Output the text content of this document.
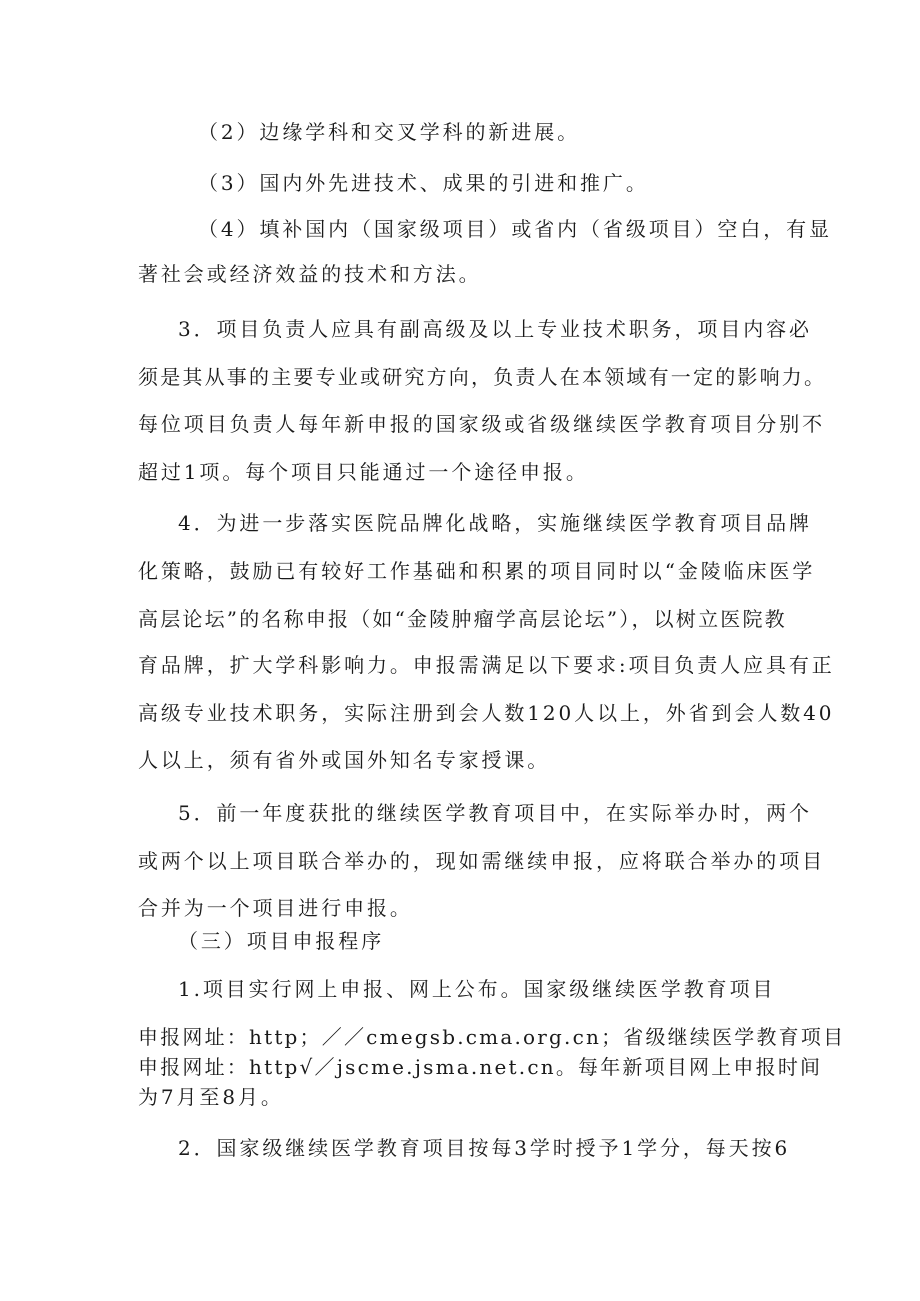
（2）边缘学科和交叉学科的新进展。
（3）国内外先进技术、成果的引进和推广。
（4）填补国内（国家级项目）或省内（省级项目）空白，有显
著社会或经济效益的技术和方法。
3．项目负责人应具有副高级及以上专业技术职务，项目内容必
须是其从事的主要专业或研究方向，负责人在本领域有一定的影响力。
每位项目负责人每年新申报的国家级或省级继续医学教育项目分别不
超过1项。每个项目只能通过一个途径申报。
4．为进一步落实医院品牌化战略，实施继续医学教育项目品牌
化策略，鼓励已有较好工作基础和积累的项目同时以“金陵临床医学
高层论坛”的名称申报（如“金陵肿瘤学高层论坛”），以树立医院教
育品牌，扩大学科影响力。申报需满足以下要求:项目负责人应具有正
高级专业技术职务，实际注册到会人数120人以上，外省到会人数40
人以上，须有省外或国外知名专家授课。
5．前一年度获批的继续医学教育项目中，在实际举办时，两个
或两个以上项目联合举办的，现如需继续申报，应将联合举办的项目
合并为一个项目进行申报。
（三）项目申报程序
1.项目实行网上申报、网上公布。国家级继续医学教育项目
申报网址：http；／／cmegsb.cma.org.cn；省级继续医学教育项目
申报网址：http√／jscme.jsma.net.cn。每年新项目网上申报时间
为7月至8月。
2．国家级继续医学教育项目按每3学时授予1学分，每天按6
